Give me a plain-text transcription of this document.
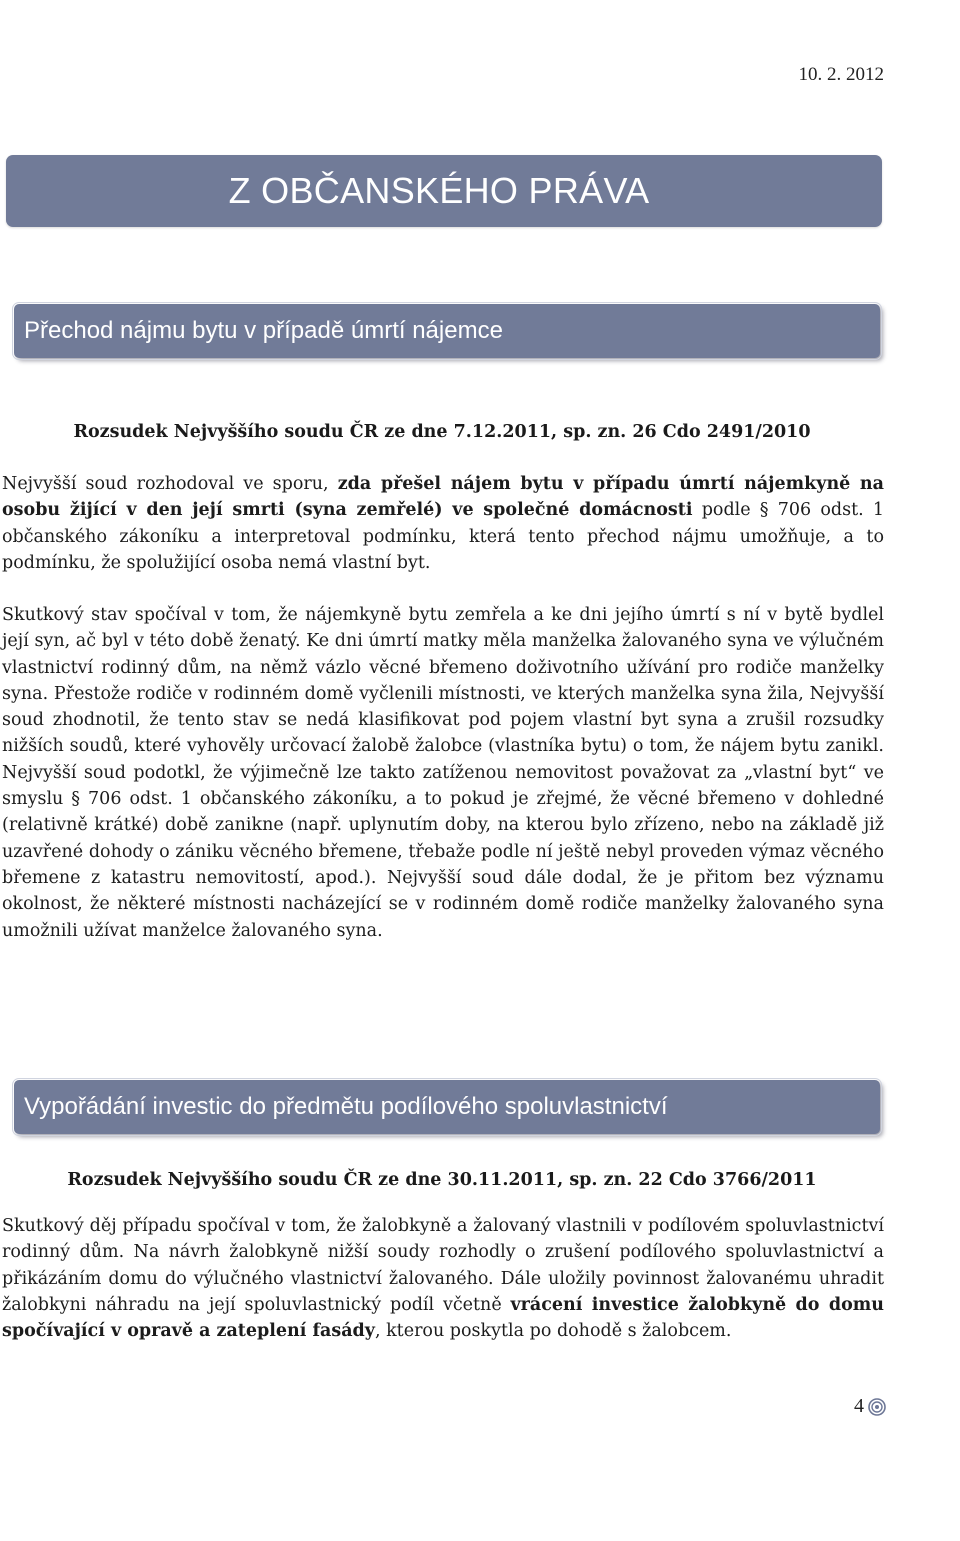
10. 2. 2012
Z OBČANSKÉHO PRÁVA
Přechod nájmu bytu v případě úmrtí nájemce
Rozsudek Nejvyššího soudu ČR ze dne 7.12.2011, sp. zn. 26 Cdo 2491/2010

Nejvyšší soud rozhodoval ve sporu, zda přešel nájem bytu v případu úmrtí nájemkyně na osobu žijící v den její smrti (syna zemřelé) ve společné domácnosti podle § 706 odst. 1 občanského zákoníku a interpretoval podmínku, která tento přechod nájmu umožňuje, a to podmínku, že spolužijící osoba nemá vlastní byt.

Skutkový stav spočíval v tom, že nájemkyně bytu zemřela a ke dni jejího úmrtí s ní v bytě bydlel její syn, ač byl v této době ženatý. Ke dni úmrtí matky měla manželka žalovaného syna ve výlučném vlastnictví rodinný dům, na němž vázlo věcné břemeno doživotního užívání pro rodiče manželky syna. Přestože rodiče v rodinném domě vyčlenili místnosti, ve kterých manželka syna žila, Nejvyšší soud zhodnotil, že tento stav se nedá klasifikovat pod pojem vlastní byt syna a zrušil rozsudky nižších soudů, které vyhověly určovací žalobě žalobce (vlastníka bytu) o tom, že nájem bytu zanikl. Nejvyšší soud podotkl, že výjimečně lze takto zatíženou nemovitost považovat za „vlastní byt“ ve smyslu § 706 odst. 1 občanského zákoníku, a to pokud je zřejmé, že věcné břemeno v dohledné (relativně krátké) době zanikne (např. uplynutím doby, na kterou bylo zřízeno, nebo na základě již uzavřené dohody o zániku věcného břemene, třebaže podle ní ještě nebyl proveden výmaz věcného břemene z katastru nemovitostí, apod.). Nejvyšší soud dále dodal, že je přitom bez významu okolnost, že některé místnosti nacházející se v rodinném domě rodiče manželky žalovaného syna umožnili užívat manželce žalovaného syna.

Vypořádání investic do předmětu podílového spoluvlastnictví
Rozsudek Nejvyššího soudu ČR ze dne 30.11.2011, sp. zn. 22 Cdo 3766/2011

Skutkový děj případu spočíval v tom, že žalobkyně a žalovaný vlastnili v podílovém spoluvlastnictví rodinný dům. Na návrh žalobkyně nižší soudy rozhodly o zrušení podílového spoluvlastnictví a přikázáním domu do výlučného vlastnictví žalovaného. Dále uložily povinnost žalovanému uhradit žalobkyni náhradu na její spoluvlastnický podíl včetně vrácení investice žalobkyně do domu spočívající v opravě a zateplení fasády, kterou poskytla po dohodě s žalobcem.

4
